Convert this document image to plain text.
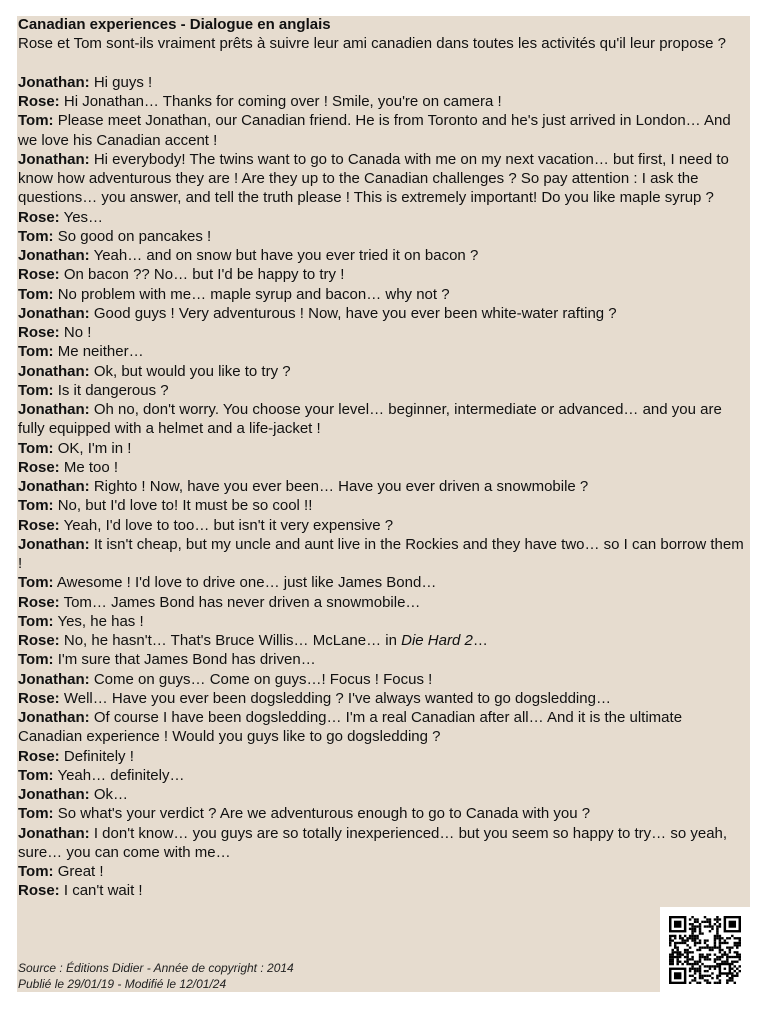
Canadian experiences - Dialogue en anglais
Rose et Tom sont-ils vraiment prêts à suivre leur ami canadien dans toutes les activités qu'il leur propose ?
Jonathan: Hi guys !
Rose: Hi Jonathan… Thanks for coming over ! Smile, you're on camera !
Tom: Please meet Jonathan, our Canadian friend. He is from Toronto and he's just arrived in London… And we love his Canadian accent !
Jonathan: Hi everybody! The twins want to go to Canada with me on my next vacation… but first, I need to know how adventurous they are ! Are they up to the Canadian challenges ? So pay attention : I ask the questions… you answer, and tell the truth please ! This is extremely important! Do you like maple syrup ?
Rose: Yes…
Tom: So good on pancakes !
Jonathan: Yeah… and on snow but have you ever tried it on bacon ?
Rose: On bacon ?? No… but I'd be happy to try !
Tom: No problem with me… maple syrup and bacon… why not ?
Jonathan: Good guys ! Very adventurous ! Now, have you ever been white-water rafting ?
Rose: No !
Tom: Me neither…
Jonathan: Ok, but would you like to try ?
Tom: Is it dangerous ?
Jonathan: Oh no, don't worry. You choose your level… beginner, intermediate or advanced… and you are fully equipped with a helmet and a life-jacket !
Tom: OK, I'm in !
Rose: Me too !
Jonathan: Righto ! Now, have you ever been… Have you ever driven a snowmobile ?
Tom: No, but I'd love to! It must be so cool !!
Rose: Yeah, I'd love to too… but isn't it very expensive ?
Jonathan: It isn't cheap, but my uncle and aunt live in the Rockies and they have two… so I can borrow them !
Tom: Awesome ! I'd love to drive one… just like James Bond…
Rose: Tom… James Bond has never driven a snowmobile…
Tom: Yes, he has !
Rose: No, he hasn't… That's Bruce Willis… McLane… in Die Hard 2…
Tom: I'm sure that James Bond has driven…
Jonathan: Come on guys… Come on guys…! Focus ! Focus !
Rose: Well… Have you ever been dogsledding ? I've always wanted to go dogsledding…
Jonathan: Of course I have been dogsledding… I'm a real Canadian after all… And it is the ultimate Canadian experience ! Would you guys like to go dogsledding ?
Rose: Definitely !
Tom: Yeah… definitely…
Jonathan: Ok…
Tom: So what's your verdict ? Are we adventurous enough to go to Canada with you ?
Jonathan: I don't know… you guys are so totally inexperienced… but you seem so happy to try… so yeah, sure… you can come with me…
Tom: Great !
Rose: I can't wait !
Source : Éditions Didier - Année de copyright : 2014
Publié le 29/01/19 - Modifié le 12/01/24
